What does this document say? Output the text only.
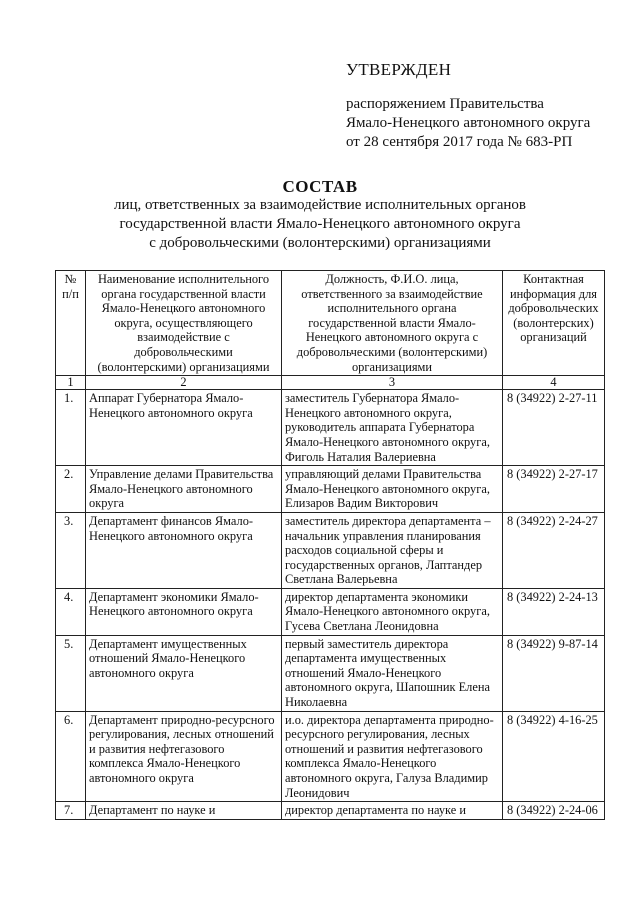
УТВЕРЖДЕН
распоряжением Правительства
Ямало-Ненецкого автономного округа
от 28 сентября 2017 года № 683-РП
СОСТАВ
лиц, ответственных за взаимодействие исполнительных органов
государственной власти Ямало-Ненецкого автономного округа
с добровольческими (волонтерскими) организациями
№ п/п	Наименование исполнительного органа государственной власти Ямало-Ненецкого автономного округа, осуществляющего взаимодействие с добровольческими (волонтерскими) организациями	Должность, Ф.И.О. лица, ответственного за взаимодействие исполнительного органа государственной власти Ямало-Ненецкого автономного округа с добровольческими (волонтерскими) организациями	Контактная информация для добровольческих (волонтерских) организаций
1	2	3	4
1.	Аппарат Губернатора Ямало-Ненецкого автономного округа	заместитель Губернатора Ямало-Ненецкого автономного округа, руководитель аппарата Губернатора Ямало-Ненецкого автономного округа, Фиголь Наталия Валериевна	8 (34922) 2-27-11
2.	Управление делами Правительства Ямало-Ненецкого автономного округа	управляющий делами Правительства Ямало-Ненецкого автономного округа, Елизаров Вадим Викторович	8 (34922) 2-27-17
3.	Департамент финансов Ямало-Ненецкого автономного округа	заместитель директора департамента – начальник управления планирования расходов социальной сферы и государственных органов, Лаптандер Светлана Валерьевна	8 (34922) 2-24-27
4.	Департамент экономики Ямало-Ненецкого автономного округа	директор департамента экономики Ямало-Ненецкого автономного округа, Гусева Светлана Леонидовна	8 (34922) 2-24-13
5.	Департамент имущественных отношений Ямало-Ненецкого автономного округа	первый заместитель директора департамента имущественных отношений Ямало-Ненецкого автономного округа, Шапошник Елена Николаевна	8 (34922) 9-87-14
6.	Департамент природно-ресурсного регулирования, лесных отношений и развития нефтегазового комплекса Ямало-Ненецкого автономного округа	и.о. директора департамента природно-ресурсного регулирования, лесных отношений и развития нефтегазового комплекса Ямало-Ненецкого автономного округа, Галуза Владимир Леонидович	8 (34922) 4-16-25
7.	Департамент по науке и	директор департамента по науке и	8 (34922) 2-24-06
